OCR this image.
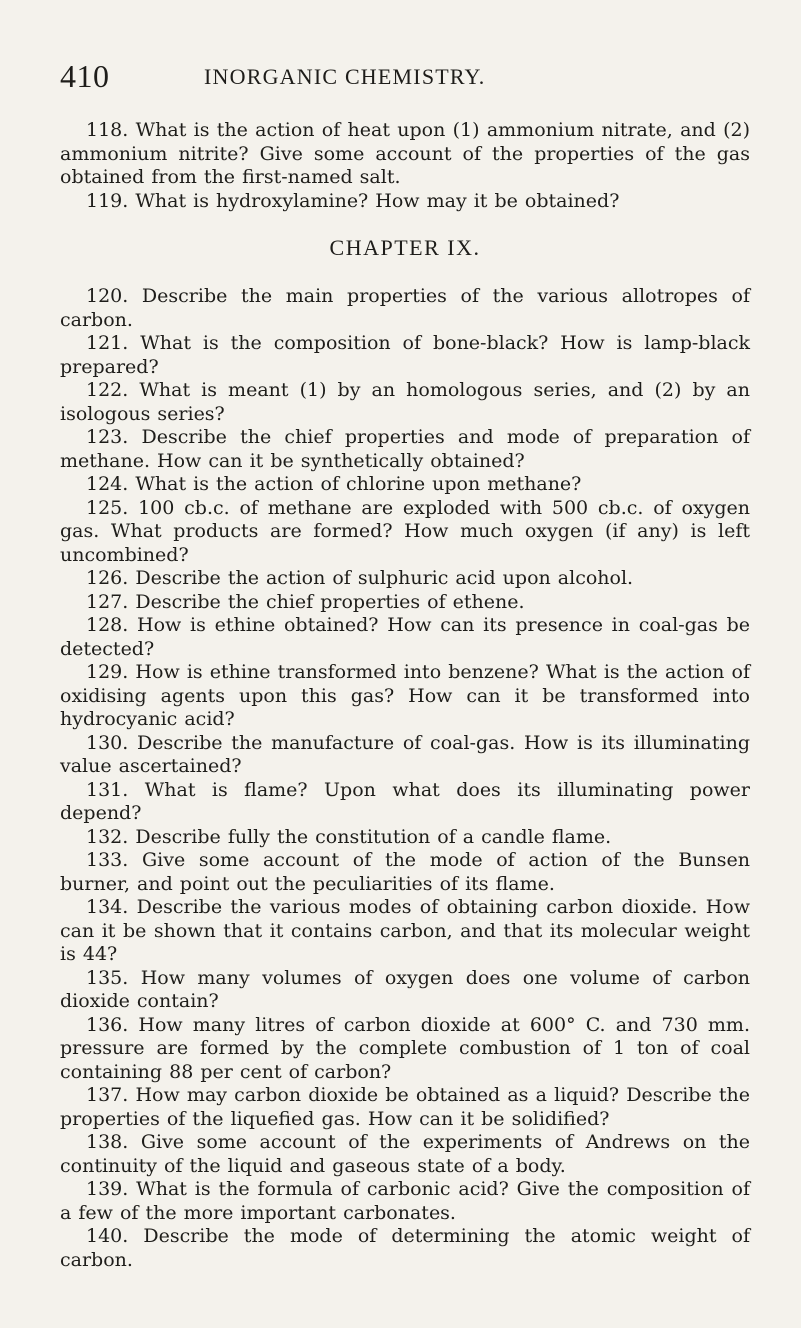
410	INORGANIC CHEMISTRY.

118. What is the action of heat upon (1) ammonium nitrate, and (2) ammonium nitrite? Give some account of the properties of the gas obtained from the first-named salt.

119. What is hydroxylamine? How may it be obtained?

CHAPTER IX.

120. Describe the main properties of the various allotropes of carbon.

121. What is the composition of bone-black? How is lamp-black prepared?

122. What is meant (1) by an homologous series, and (2) by an isologous series?

123. Describe the chief properties and mode of preparation of methane. How can it be synthetically obtained?

124. What is the action of chlorine upon methane?

125. 100 cb.c. of methane are exploded with 500 cb.c. of oxygen gas. What products are formed? How much oxygen (if any) is left uncombined?

126. Describe the action of sulphuric acid upon alcohol.

127. Describe the chief properties of ethene.

128. How is ethine obtained? How can its presence in coal-gas be detected?

129. How is ethine transformed into benzene? What is the action of oxidising agents upon this gas? How can it be transformed into hydrocyanic acid?

130. Describe the manufacture of coal-gas. How is its illuminating value ascertained?

131. What is flame? Upon what does its illuminating power depend?

132. Describe fully the constitution of a candle flame.

133. Give some account of the mode of action of the Bunsen burner, and point out the peculiarities of its flame.

134. Describe the various modes of obtaining carbon dioxide. How can it be shown that it contains carbon, and that its molecular weight is 44?

135. How many volumes of oxygen does one volume of carbon dioxide contain?

136. How many litres of carbon dioxide at 600° C. and 730 mm. pressure are formed by the complete combustion of 1 ton of coal containing 88 per cent of carbon?

137. How may carbon dioxide be obtained as a liquid? Describe the properties of the liquefied gas. How can it be solidified?

138. Give some account of the experiments of Andrews on the continuity of the liquid and gaseous state of a body.

139. What is the formula of carbonic acid? Give the composition of a few of the more important carbonates.

140. Describe the mode of determining the atomic weight of carbon.
